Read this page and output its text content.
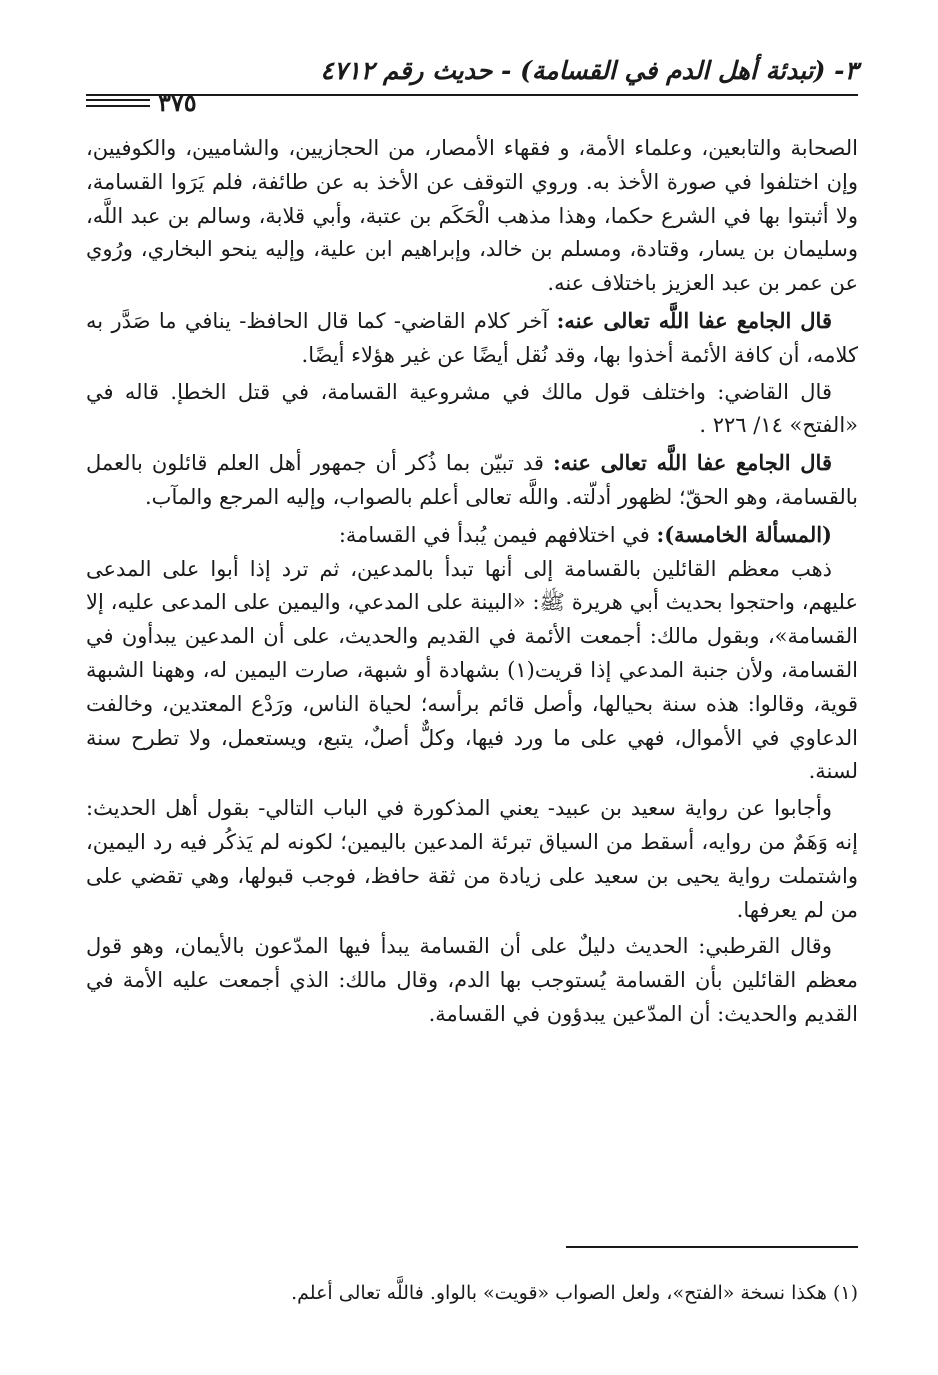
٣- (تبدئة أهل الدم في القسامة) - حديث رقم ٤٧١٢
٣٧٥

الصحابة والتابعين، وعلماء الأمة، و فقهاء الأمصار، من الحجازيين، والشاميين، والكوفيين، وإن اختلفوا في صورة الأخذ به. وروي التوقف عن الأخذ به عن طائفة، فلم يَرَوا القسامة، ولا أثبتوا بها في الشرع حكما، وهذا مذهب الْحَكَم بن عتبة، وأبي قلابة، وسالم بن عبد اللَّه، وسليمان بن يسار، وقتادة، ومسلم بن خالد، وإبراهيم ابن علية، وإليه ينحو البخاري، ورُوي عن عمر بن عبد العزيز باختلاف عنه.

قال الجامع عفا اللَّه تعالى عنه: آخر كلام القاضي- كما قال الحافظ- ينافي ما صَدَّر به كلامه، أن كافة الأئمة أخذوا بها، وقد نُقل أيضًا عن غير هؤلاء أيضًا.

قال القاضي: واختلف قول مالك في مشروعية القسامة، في قتل الخطإ. قاله في «الفتح» ١٤/ ٢٢٦ .

قال الجامع عفا اللَّه تعالى عنه: قد تبيّن بما ذُكر أن جمهور أهل العلم قائلون بالعمل بالقسامة، وهو الحقّ؛ لظهور أدلّته. واللَّه تعالى أعلم بالصواب، وإليه المرجع والمآب.

(المسألة الخامسة): في اختلافهم فيمن يُبدأ في القسامة:

ذهب معظم القائلين بالقسامة إلى أنها تبدأ بالمدعين، ثم ترد إذا أبوا على المدعى عليهم، واحتجوا بحديث أبي هريرة ﷺ: «البينة على المدعي، واليمين على المدعى عليه، إلا القسامة»، وبقول مالك: أجمعت الأئمة في القديم والحديث، على أن المدعين يبدأون في القسامة، ولأن جنبة المدعي إذا قريت(١) بشهادة أو شبهة، صارت اليمين له، وههنا الشبهة قوية، وقالوا: هذه سنة بحيالها، وأصل قائم برأسه؛ لحياة الناس، ورَدْع المعتدين، وخالفت الدعاوي في الأموال، فهي على ما ورد فيها، وكلٌّ أصلٌ، يتبع، ويستعمل، ولا تطرح سنة لسنة.

وأجابوا عن رواية سعيد بن عبيد- يعني المذكورة في الباب التالي- بقول أهل الحديث: إنه وَهَمٌ من روايه، أسقط من السياق تبرئة المدعين باليمين؛ لكونه لم يَذكُر فيه رد اليمين، واشتملت رواية يحيى بن سعيد على زيادة من ثقة حافظ، فوجب قبولها، وهي تقضي على من لم يعرفها.

وقال القرطبي: الحديث دليلٌ على أن القسامة يبدأ فيها المدّعون بالأيمان، وهو قول معظم القائلين بأن القسامة يُستوجب بها الدم، وقال مالك: الذي أجمعت عليه الأمة في القديم والحديث: أن المدّعين يبدؤون في القسامة.

(١) هكذا نسخة «الفتح»، ولعل الصواب «قويت» بالواو. فاللَّه تعالى أعلم.
